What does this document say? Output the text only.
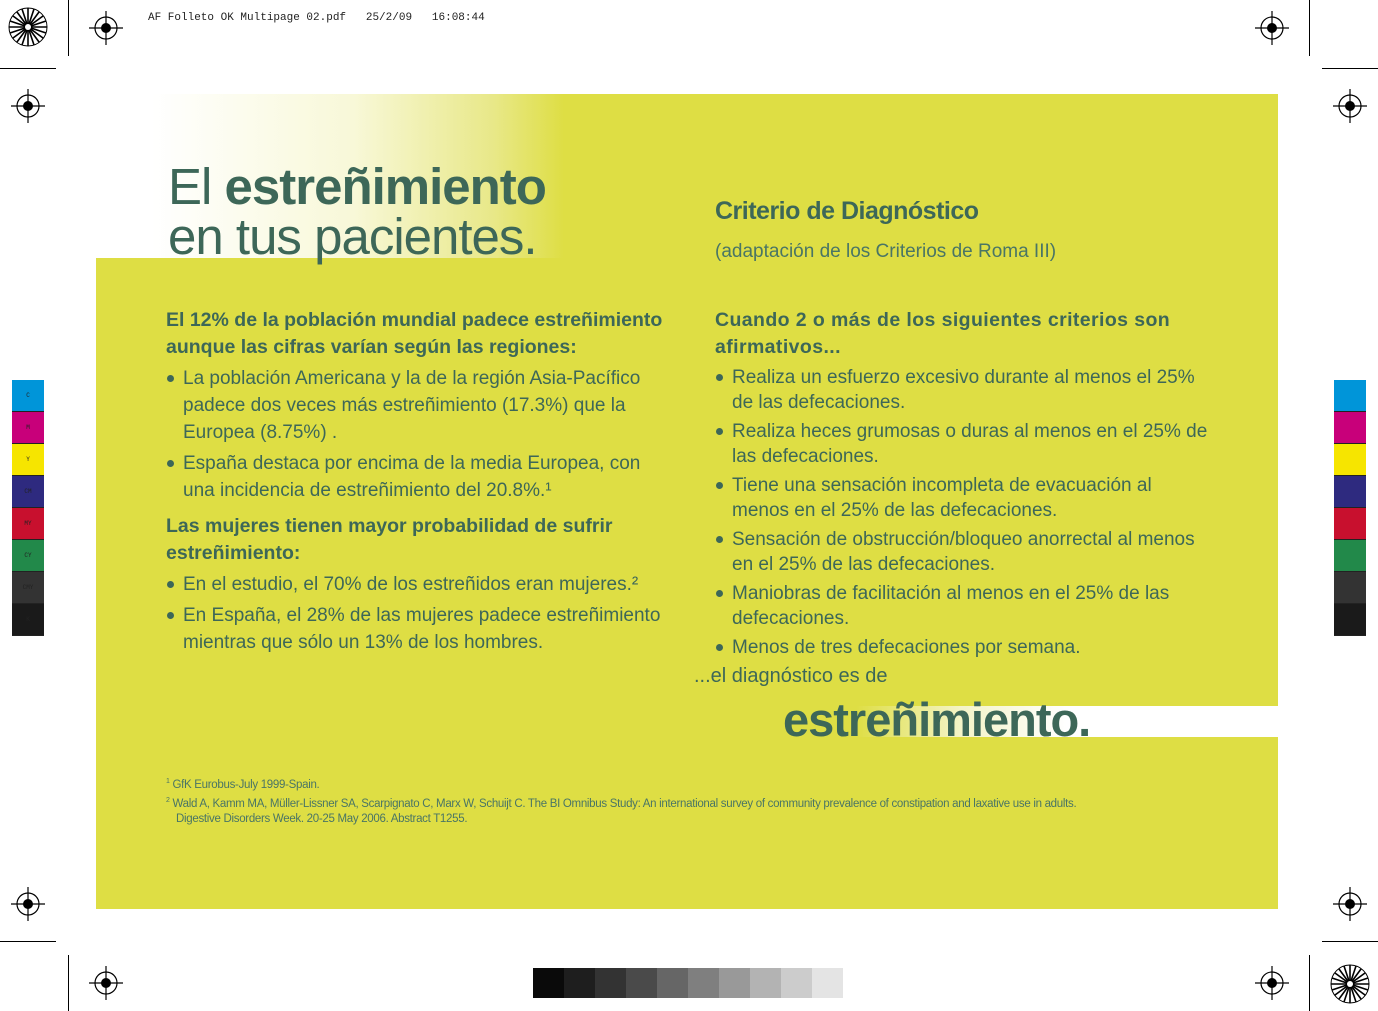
AF Folleto OK Multipage 02.pdf 25/2/09 16:08:44
C
M
Y
CM
MY
CY
CMY
K
El estreñimiento
en tus pacientes.	Criterio de Diagnóstico
(adaptación de los Criterios de Roma III)

El 12% de la población mundial padece estreñimiento aunque las cifras varían según las regiones:

La población Americana y la de la región Asia-Pacífico padece dos veces más estreñimiento (17.3%) que la Europea (8.75%) .
España destaca por encima de la media Europea, con una incidencia de estreñimiento del 20.8%.¹

Las mujeres tienen mayor probabilidad de sufrir estreñimiento:

En el estudio, el 70% de los estreñidos eran mujeres.²
En España, el 28% de las mujeres padece estreñimiento mientras que sólo un 13% de los hombres.

Cuando 2 o más de los siguientes criterios son afirmativos...

Realiza un esfuerzo excesivo durante al menos el 25% de las defecaciones.
Realiza heces grumosas o duras al menos en el 25% de las defecaciones.
Tiene una sensación incompleta de evacuación al menos en el 25% de las defecaciones.
Sensación de obstrucción/bloqueo anorrectal al menos en el 25% de las defecaciones.
Maniobras de facilitación al menos en el 25% de las defecaciones.
Menos de tres defecaciones por semana.
...el diagnóstico es de
estreñimiento.

$^1$ GfK Eurobus-July 1999-Spain.

$^2$ Wald A, Kamm MA, Müller-Lissner SA, Scarpignato C, Marx W, Schuijt C. The BI Omnibus Study: An international survey of community prevalence of constipation and laxative use in adults.

Digestive Disorders Week. 20-25 May 2006. Abstract T1255.
